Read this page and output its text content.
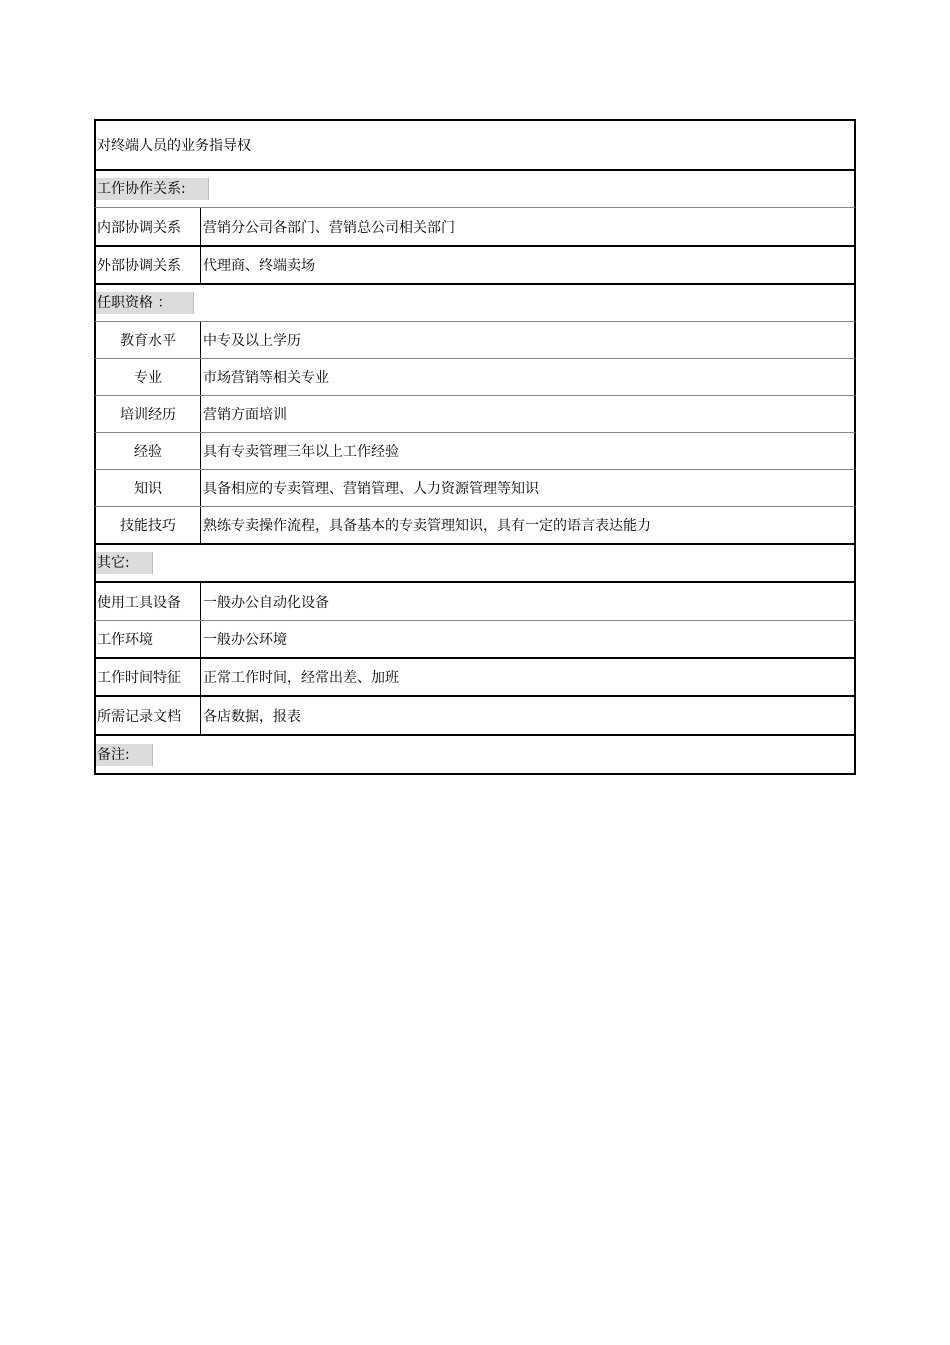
对终端人员的业务指导权
工作协作关系:
内部协调关系	营销分公司各部门、营销总公司相关部门
外部协调关系	代理商、终端卖场
任职资格 ：
教育水平	中专及以上学历
专业	市场营销等相关专业
培训经历	营销方面培训
经验	具有专卖管理三年以上工作经验
知识	具备相应的专卖管理、营销管理、人力资源管理等知识
技能技巧	熟练专卖操作流程，具备基本的专卖管理知识，具有一定的语言表达能力
其它:
使用工具设备	一般办公自动化设备
工作环境	一般办公环境
工作时间特征	正常工作时间，经常出差、加班
所需记录文档	各店数据，报表
备注:
